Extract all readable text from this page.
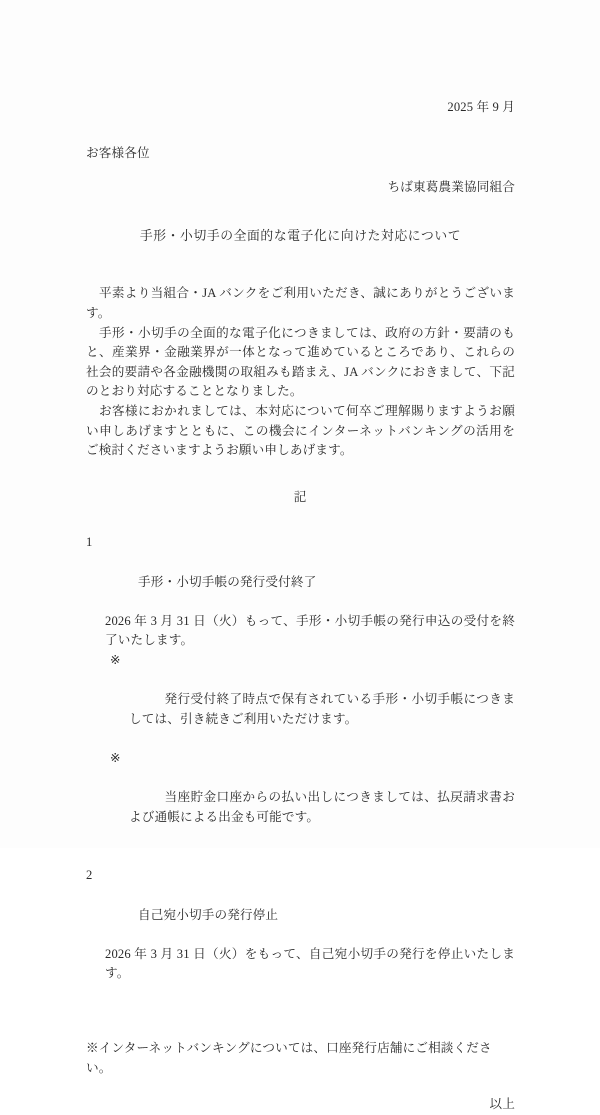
2025 年 9 月
お客様各位
ちば東葛農業協同組合
手形・小切手の全面的な電子化に向けた対応について

平素より当組合・JA バンクをご利用いただき、誠にありがとうございます。

手形・小切手の全面的な電子化につきましては、政府の方針・要請のもと、産業界・金融業界が一体となって進めているところであり、これらの社会的要請や各金融機関の取組みも踏まえ、JA バンクにおきまして、下記のとおり対応することとなりました。

お客様におかれましては、本対応について何卒ご理解賜りますようお願い申しあげますとともに、この機会にインターネットバンキングの活用をご検討くださいますようお願い申しあげます。

記

1

手形・小切手帳の発行受付終了

2026 年 3 月 31 日（火）もって、手形・小切手帳の発行申込の受付を終了いたします。

※

発行受付終了時点で保有されている手形・小切手帳につきましては、引き続きご利用いただけます。

※

当座貯金口座からの払い出しにつきましては、払戻請求書および通帳による出金も可能です。

2

自己宛小切手の発行停止

2026 年 3 月 31 日（火）をもって、自己宛小切手の発行を停止いたします。
※インターネットバンキングについては、口座発行店舗にご相談ください。
以上
